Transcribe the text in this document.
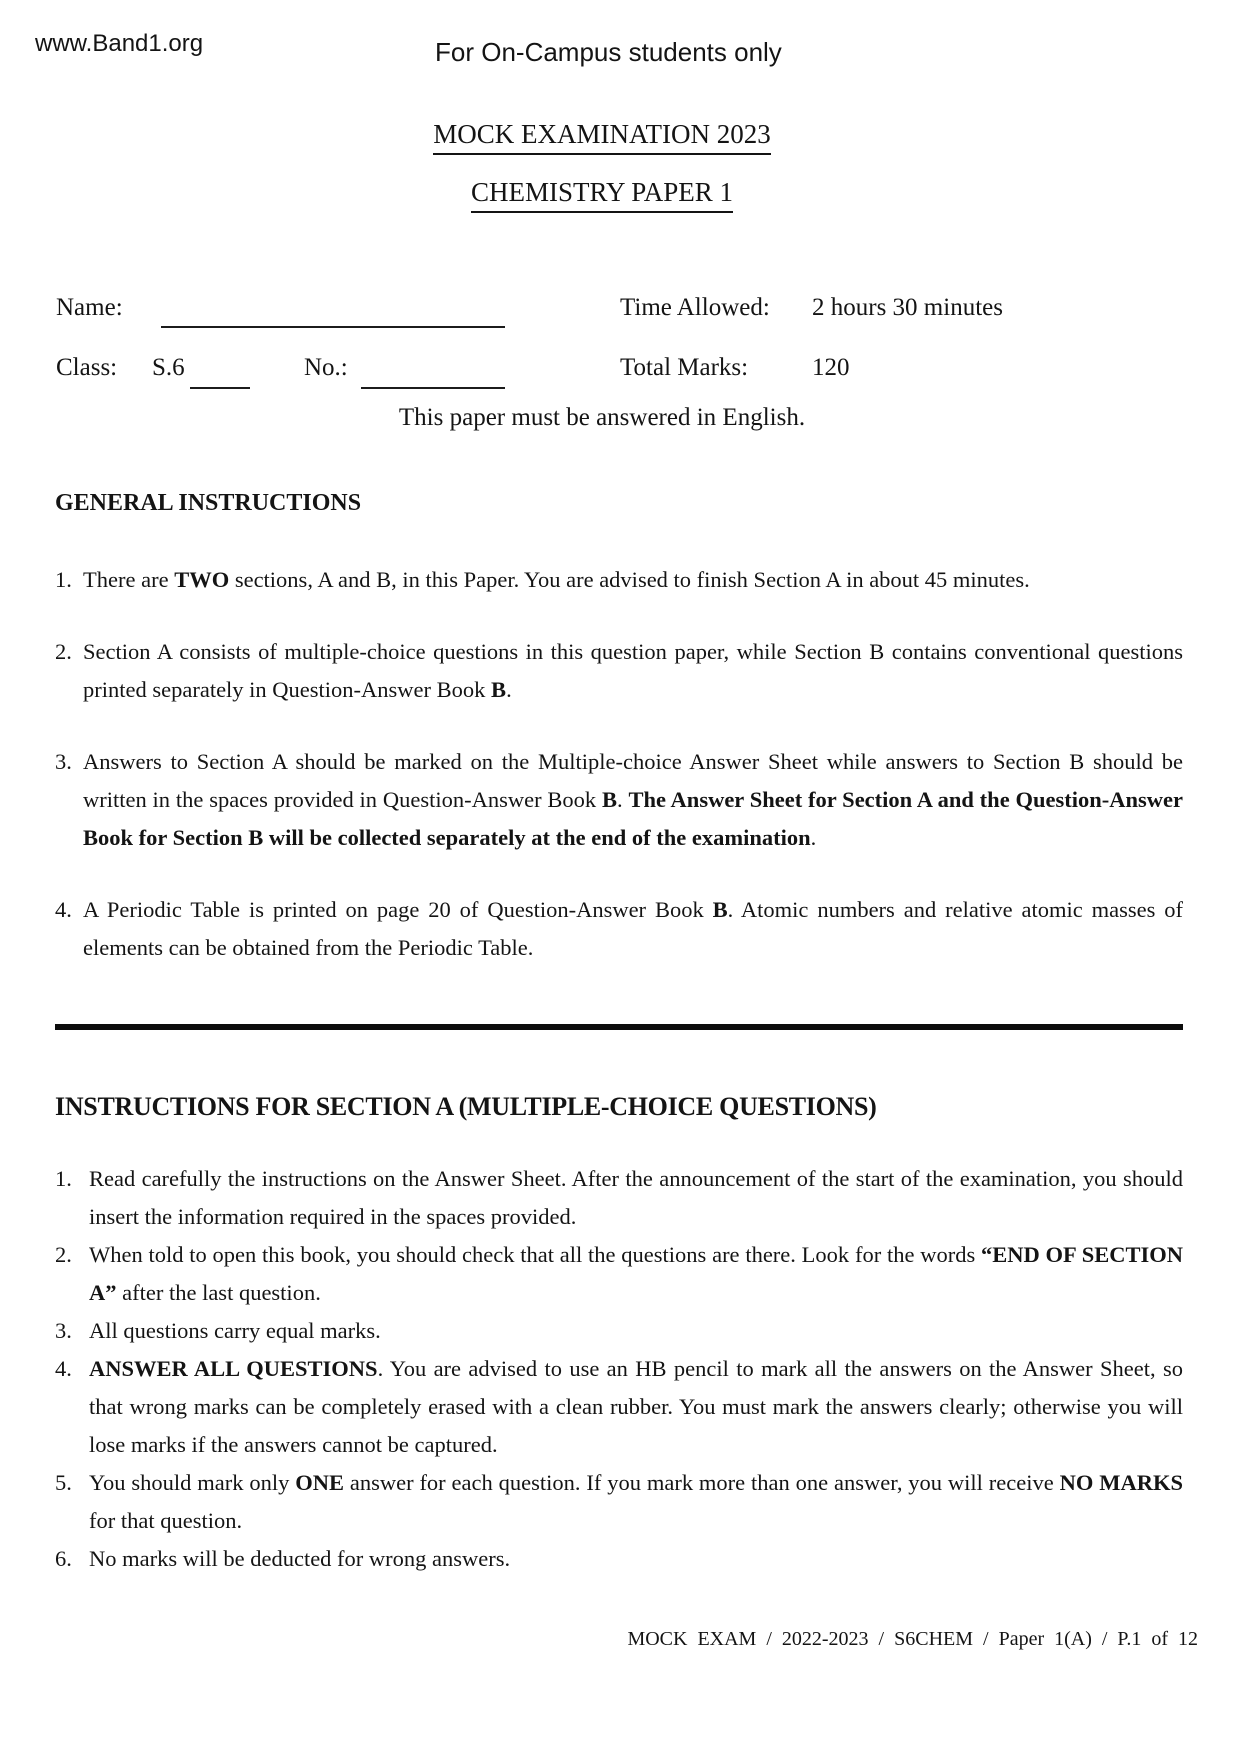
www.Band1.org	For On-Campus students only
MOCK EXAMINATION 2023
CHEMISTRY PAPER 1
Name:	Time Allowed: 2 hours 30 minutes
Class: S.6	No.:	Total Marks:	120
This paper must be answered in English.
GENERAL INSTRUCTIONS
1. There are TWO sections, A and B, in this Paper. You are advised to finish Section A in about 45 minutes.
2. Section A consists of multiple-choice questions in this question paper, while Section B contains conventional questions printed separately in Question-Answer Book B.
3. Answers to Section A should be marked on the Multiple-choice Answer Sheet while answers to Section B should be written in the spaces provided in Question-Answer Book B. The Answer Sheet for Section A and the Question-Answer Book for Section B will be collected separately at the end of the examination.
4. A Periodic Table is printed on page 20 of Question-Answer Book B. Atomic numbers and relative atomic masses of elements can be obtained from the Periodic Table.
INSTRUCTIONS FOR SECTION A (MULTIPLE-CHOICE QUESTIONS)
1. Read carefully the instructions on the Answer Sheet. After the announcement of the start of the examination, you should insert the information required in the spaces provided.
2. When told to open this book, you should check that all the questions are there. Look for the words “END OF SECTION A” after the last question.
3. All questions carry equal marks.
4. ANSWER ALL QUESTIONS. You are advised to use an HB pencil to mark all the answers on the Answer Sheet, so that wrong marks can be completely erased with a clean rubber. You must mark the answers clearly; otherwise you will lose marks if the answers cannot be captured.
5. You should mark only ONE answer for each question. If you mark more than one answer, you will receive NO MARKS for that question.
6. No marks will be deducted for wrong answers.
MOCK EXAM / 2022-2023 / S6CHEM / Paper 1(A) / P.1 of 12
